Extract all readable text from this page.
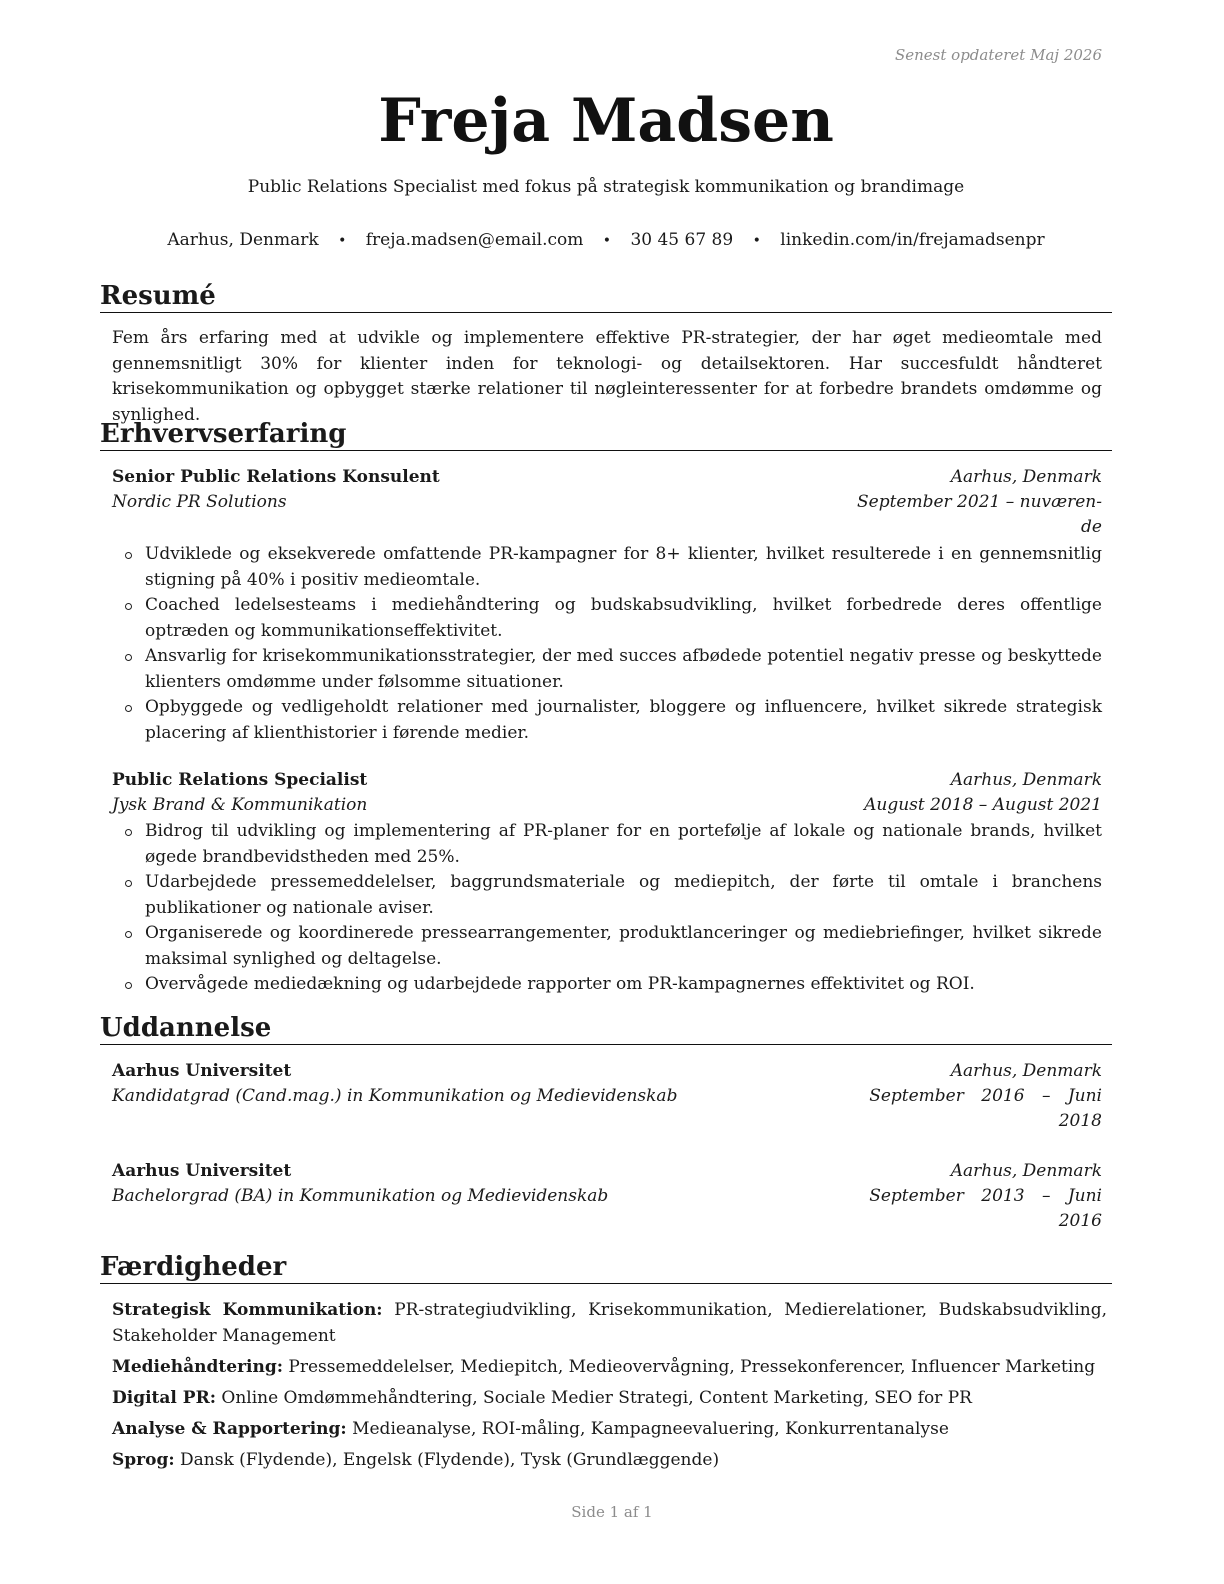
Senest opdateret Maj 2026
Freja Madsen
Public Relations Specialist med fokus på strategisk kommunikation og brandimage
Aarhus, Denmark • freja.madsen@email.com • 30 45 67 89 • linkedin.com/in/frejamadsenpr
Resumé
Fem års erfaring med at udvikle og implementere effektive PR-strategier, der har øget medieomtale med gennemsnitligt 30% for klienter inden for teknologi- og detailsektoren. Har succesfuldt håndteret krisekommunikation og opbygget stærke relationer til nøgleinteressenter for at forbedre brandets omdømme og synlighed.
Erhvervserfaring
Senior Public Relations Konsulent	Aarhus, Denmark
Nordic PR Solutions	September 2021 – nuværen-
de
Udviklede og eksekverede omfattende PR-kampagner for 8+ klienter, hvilket resulterede i en gennemsnitlig stigning på 40% i positiv medieomtale.
Coached ledelsesteams i mediehåndtering og budskabsudvikling, hvilket forbedrede deres offentlige optræden og kommunikationseffektivitet.
Ansvarlig for krisekommunikationsstrategier, der med succes afbødede potentiel negativ presse og beskyttede klienters omdømme under følsomme situationer.
Opbyggede og vedligeholdt relationer med journalister, bloggere og influencere, hvilket sikrede strategisk placering af klienthistorier i førende medier.
Public Relations Specialist	Aarhus, Denmark
Jysk Brand & Kommunikation	August 2018 – August 2021
Bidrog til udvikling og implementering af PR-planer for en portefølje af lokale og nationale brands, hvilket øgede brandbevidstheden med 25%.
Udarbejdede pressemeddelelser, baggrundsmateriale og mediepitch, der førte til omtale i branchens publikationer og nationale aviser.
Organiserede og koordinerede pressearrangementer, produktlanceringer og mediebriefinger, hvilket sikrede maksimal synlighed og deltagelse.
Overvågede mediedækning og udarbejdede rapporter om PR-kampagnernes effektivitet og ROI.
Uddannelse
Aarhus Universitet	Aarhus, Denmark
Kandidatgrad (Cand.mag.) in Kommunikation og Medievidenskab	September 2016 – Juni
2018
Aarhus Universitet	Aarhus, Denmark
Bachelorgrad (BA) in Kommunikation og Medievidenskab	September 2013 – Juni
2016
Færdigheder
Strategisk Kommunikation: PR-strategiudvikling, Krisekommunikation, Medierelationer, Budskabsudvikling, Stakeholder Management
Mediehåndtering: Pressemeddelelser, Mediepitch, Medieovervågning, Pressekonferencer, Influencer Marketing
Digital PR: Online Omdømmehåndtering, Sociale Medier Strategi, Content Marketing, SEO for PR
Analyse & Rapportering: Medieanalyse, ROI-måling, Kampagneevaluering, Konkurrentanalyse
Sprog: Dansk (Flydende), Engelsk (Flydende), Tysk (Grundlæggende)
Side 1 af 1
